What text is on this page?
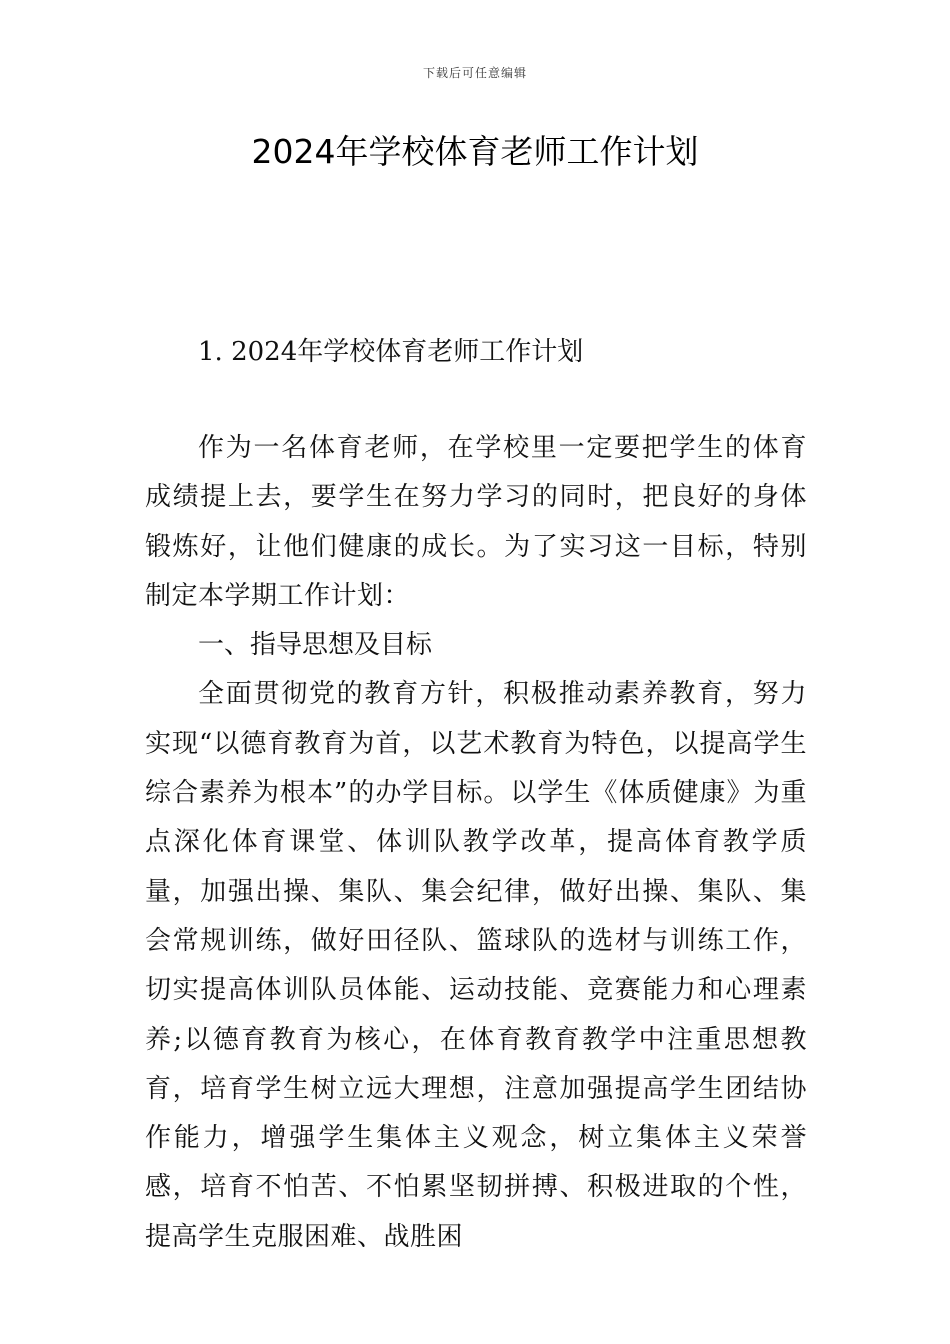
下载后可任意编辑
2024年学校体育老师工作计划
1. 2024年学校体育老师工作计划

作为一名体育老师，在学校里一定要把学生的体育成绩提上去，要学生在努力学习的同时，把良好的身体锻炼好，让他们健康的成长。为了实习这一目标，特别制定本学期工作计划：

一、指导思想及目标

全面贯彻党的教育方针，积极推动素养教育，努力实现“以德育教育为首，以艺术教育为特色，以提高学生综合素养为根本”的办学目标。以学生《体质健康》为重点深化体育课堂、体训队教学改革，提高体育教学质量，加强出操、集队、集会纪律，做好出操、集队、集会常规训练，做好田径队、篮球队的选材与训练工作，切实提高体训队员体能、运动技能、竞赛能力和心理素养;以德育教育为核心，在体育教育教学中注重思想教育，培育学生树立远大理想，注意加强提高学生团结协作能力，增强学生集体主义观念，树立集体主义荣誉感，培育不怕苦、不怕累坚韧拼搏、积极进取的个性，提高学生克服困难、战胜困
